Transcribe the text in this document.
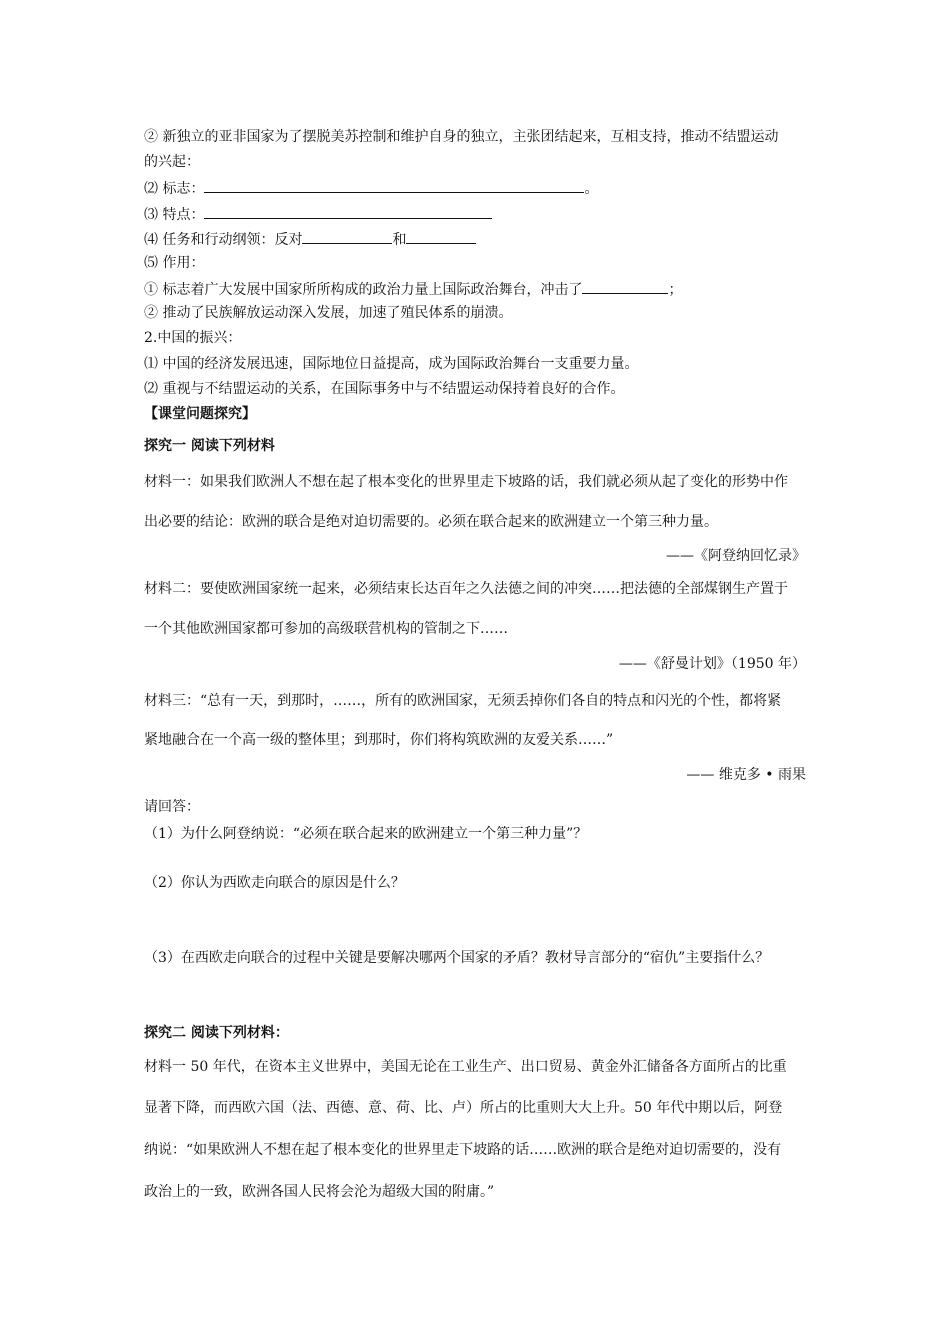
② 新独立的亚非国家为了摆脱美苏控制和维护自身的独立，主张团结起来，互相支持，推动不结盟运动
的兴起：
⑵ 标志：	。
⑶ 特点：
⑷ 任务和行动纲领：反对	和
⑸ 作用：
① 标志着广大发展中国家所所构成的政治力量上国际政治舞台，冲击了	；
② 推动了民族解放运动深入发展，加速了殖民体系的崩溃。
2.中国的振兴：
⑴ 中国的经济发展迅速，国际地位日益提高，成为国际政治舞台一支重要力量。
⑵ 重视与不结盟运动的关系，在国际事务中与不结盟运动保持着良好的合作。
【课堂问题探究】
探究一 阅读下列材料
材料一：如果我们欧洲人不想在起了根本变化的世界里走下坡路的话，我们就必须从起了变化的形势中作
出必要的结论：欧洲的联合是绝对迫切需要的。必须在联合起来的欧洲建立一个第三种力量。
——《阿登纳回忆录》
材料二：要使欧洲国家统一起来，必须结束长达百年之久法德之间的冲突……把法德的全部煤钢生产置于
一个其他欧洲国家都可参加的高级联营机构的管制之下……
——《舒曼计划》（1950 年）
材料三：“总有一天，到那时，……，所有的欧洲国家，无须丢掉你们各自的特点和闪光的个性，都将紧
紧地融合在一个高一级的整体里；到那时，你们将构筑欧洲的友爱关系……”
—— 维克多 • 雨果
请回答：
（1）为什么阿登纳说：“必须在联合起来的欧洲建立一个第三种力量”？
（2）你认为西欧走向联合的原因是什么？
（3）在西欧走向联合的过程中关键是要解决哪两个国家的矛盾？教材导言部分的“宿仇”主要指什么？
探究二 阅读下列材料：
材料一 50 年代，在资本主义世界中，美国无论在工业生产、出口贸易、黄金外汇储备各方面所占的比重
显著下降，而西欧六国（法、西德、意、荷、比、卢）所占的比重则大大上升。50 年代中期以后，阿登
纳说：“如果欧洲人不想在起了根本变化的世界里走下坡路的话……欧洲的联合是绝对迫切需要的，没有
政治上的一致，欧洲各国人民将会沦为超级大国的附庸。”
